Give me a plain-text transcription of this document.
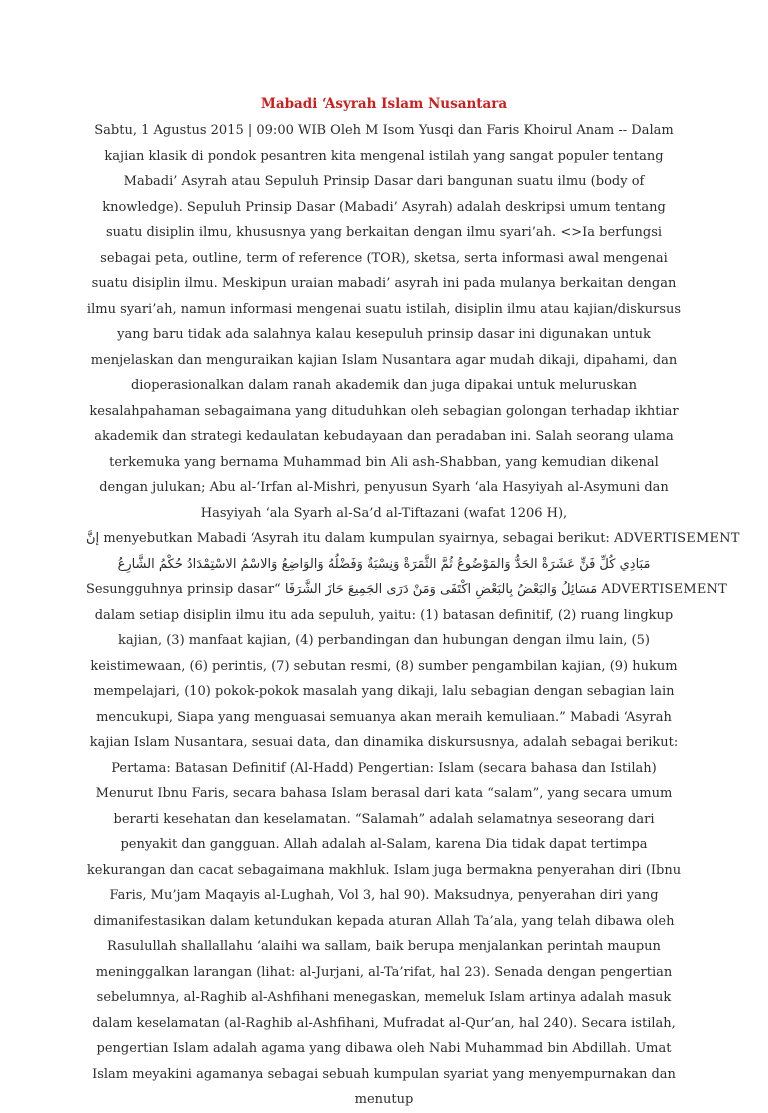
Mabadi ‘Asyrah Islam Nusantara

Sabtu, 1 Agustus 2015 | 09:00 WIB Oleh M Isom Yusqi dan Faris Khoirul Anam -- Dalam kajian klasik di pondok pesantren kita mengenal istilah yang sangat populer tentang Mabadi’ Asyrah atau Sepuluh Prinsip Dasar dari bangunan suatu ilmu (body of knowledge). Sepuluh Prinsip Dasar (Mabadi’ Asyrah) adalah deskripsi umum tentang suatu disiplin ilmu, khususnya yang berkaitan dengan ilmu syari’ah. <>Ia berfungsi sebagai peta, outline, term of reference (TOR), sketsa, serta informasi awal mengenai suatu disiplin ilmu. Meskipun uraian mabadi’ asyrah ini pada mulanya berkaitan dengan ilmu syari’ah, namun informasi mengenai suatu istilah, disiplin ilmu atau kajian/diskursus yang baru tidak ada salahnya kalau kesepuluh prinsip dasar ini digunakan untuk menjelaskan dan menguraikan kajian Islam Nusantara agar mudah dikaji, dipahami, dan dioperasionalkan dalam ranah akademik dan juga dipakai untuk meluruskan kesalahpahaman sebagaimana yang dituduhkan oleh sebagian golongan terhadap ikhtiar akademik dan strategi kedaulatan kebudayaan dan peradaban ini. Salah seorang ulama terkemuka yang bernama Muhammad bin Ali ash-Shabban, yang kemudian dikenal dengan julukan; Abu al-‘Irfan al-Mishri, penyusun Syarh ‘ala Hasyiyah al-Asymuni dan Hasyiyah ‘ala Syarh al-Sa’d al-Tiftazani (wafat 1206 H),

إنَّ menyebutkan Mabadi ‘Asyrah itu dalam kumpulan syairnya, sebagai berikut: ADVERTISEMENT

وَالاسْمُ الاسْتِمْدَادُ حُكْمُ الشَّارِعُ الحَدُّ وَالمَوْضُوعُ ثُمَّ الثَّمَرَةْ وَنِسْبَةٌ وَفَضْلُهُ وَالوَاضِعُ مَبَادِي كُلِّ فَنٍّ عَشَرَةْ

Sesungguhnya prinsip dasar“ مَسَائِلُ وَالبَعْضُ بِالبَعْضِ اكْتَفَى وَمَنْ دَرَى الجَمِيعَ حَازَ الشَّرَفَا ADVERTISEMENT

dalam setiap disiplin ilmu itu ada sepuluh, yaitu: (1) batasan definitif, (2) ruang lingkup kajian, (3) manfaat kajian, (4) perbandingan dan hubungan dengan ilmu lain, (5) keistimewaan, (6) perintis, (7) sebutan resmi, (8) sumber pengambilan kajian, (9) hukum mempelajari, (10) pokok-pokok masalah yang dikaji, lalu sebagian dengan sebagian lain mencukupi, Siapa yang menguasai semuanya akan meraih kemuliaan.” Mabadi ‘Asyrah kajian Islam Nusantara, sesuai data, dan dinamika diskursusnya, adalah sebagai berikut: Pertama: Batasan Definitif (Al-Hadd) Pengertian: Islam (secara bahasa dan Istilah) Menurut Ibnu Faris, secara bahasa Islam berasal dari kata “salam”, yang secara umum berarti kesehatan dan keselamatan. “Salamah” adalah selamatnya seseorang dari penyakit dan gangguan. Allah adalah al-Salam, karena Dia tidak dapat tertimpa kekurangan dan cacat sebagaimana makhluk. Islam juga bermakna penyerahan diri (Ibnu Faris, Mu’jam Maqayis al-Lughah, Vol 3, hal 90). Maksudnya, penyerahan diri yang dimanifestasikan dalam ketundukan kepada aturan Allah Ta’ala, yang telah dibawa oleh Rasulullah shallallahu ‘alaihi wa sallam, baik berupa menjalankan perintah maupun meninggalkan larangan (lihat: al-Jurjani, al-Ta’rifat, hal 23). Senada dengan pengertian sebelumnya, al-Raghib al-Ashfihani menegaskan, memeluk Islam artinya adalah masuk dalam keselamatan (al-Raghib al-Ashfihani, Mufradat al-Qur’an, hal 240). Secara istilah, pengertian Islam adalah agama yang dibawa oleh Nabi Muhammad bin Abdillah. Umat Islam meyakini agamanya sebagai sebuah kumpulan syariat yang menyempurnakan dan menutup
